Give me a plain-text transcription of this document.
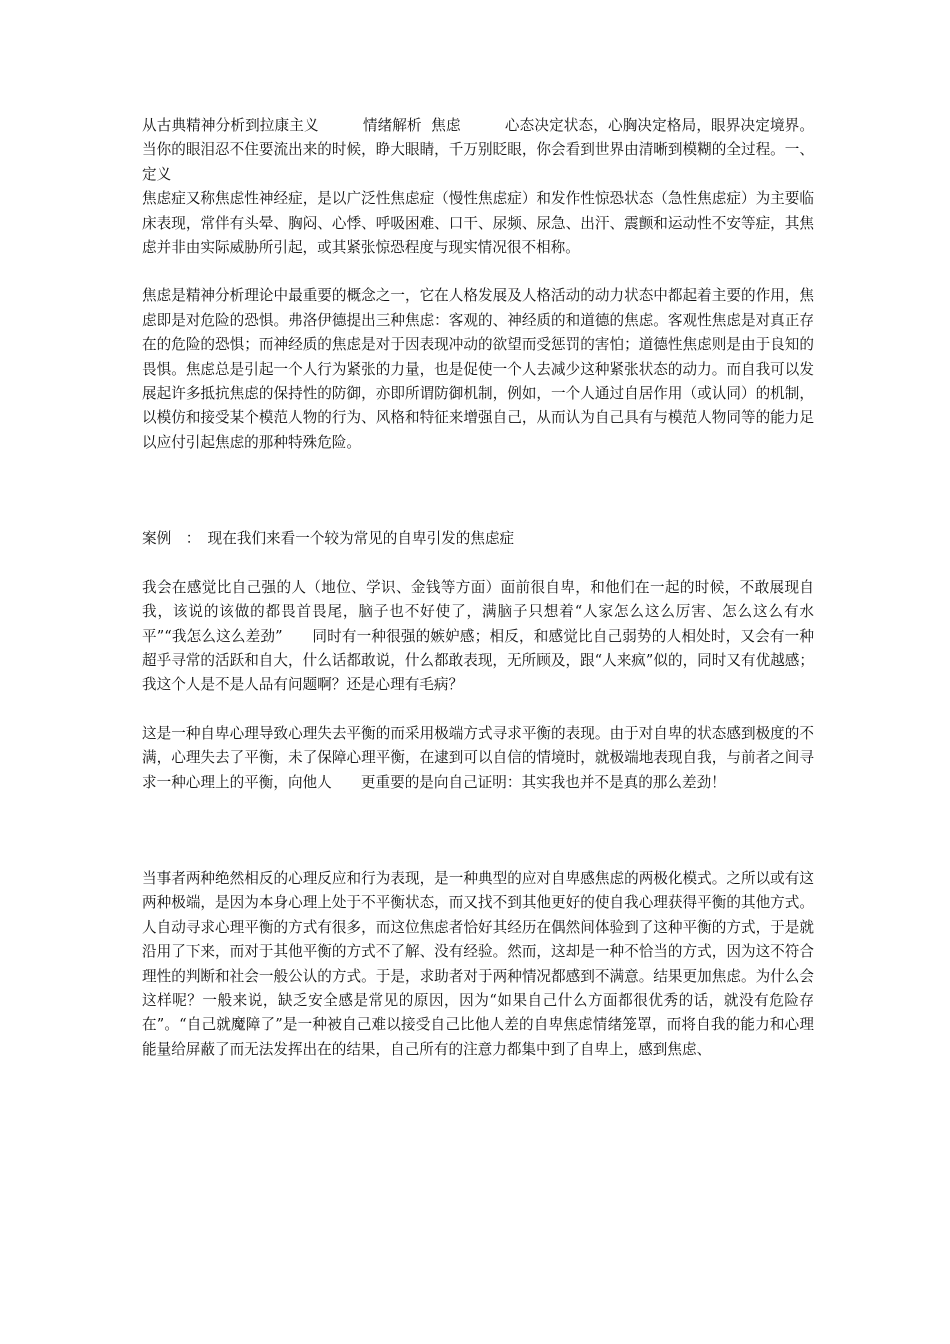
从古典精神分析到拉康主义　　　情绪解析  焦虑　　　心态决定状态，心胸决定格局，眼界决定境界。当你的眼泪忍不住要流出来的时候，睁大眼睛，千万别眨眼，你会看到世界由清晰到模糊的全过程。一、定义

焦虑症又称焦虑性神经症，是以广泛性焦虑症（慢性焦虑症）和发作性惊恐状态（急性焦虑症）为主要临床表现，常伴有头晕、胸闷、心悸、呼吸困难、口干、尿频、尿急、出汗、震颤和运动性不安等症，其焦虑并非由实际威胁所引起，或其紧张惊恐程度与现实情况很不相称。

焦虑是精神分析理论中最重要的概念之一，它在人格发展及人格活动的动力状态中都起着主要的作用，焦虑即是对危险的恐惧。弗洛伊德提出三种焦虑：客观的、神经质的和道德的焦虑。客观性焦虑是对真正存在的危险的恐惧；而神经质的焦虑是对于因表现冲动的欲望而受惩罚的害怕；道德性焦虑则是由于良知的畏惧。焦虑总是引起一个人行为紧张的力量，也是促使一个人去减少这种紧张状态的动力。而自我可以发展起许多抵抗焦虑的保持性的防御，亦即所谓防御机制，例如，一个人通过自居作用（或认同）的机制，以模仿和接受某个模范人物的行为、风格和特征来增强自己，从而认为自己具有与模范人物同等的能力足以应付引起焦虑的那种特殊危险。

案例　：　现在我们来看一个较为常见的自卑引发的焦虑症

我会在感觉比自己强的人（地位、学识、金钱等方面）面前很自卑，和他们在一起的时候，不敢展现自我，该说的该做的都畏首畏尾，脑子也不好使了，满脑子只想着“人家怎么这么厉害、怎么这么有水平”“我怎么这么差劲”　　同时有一种很强的嫉妒感；相反，和感觉比自己弱势的人相处时，又会有一种超乎寻常的活跃和自大，什么话都敢说，什么都敢表现，无所顾及，跟“人来疯”似的，同时又有优越感；我这个人是不是人品有问题啊？还是心理有毛病？

这是一种自卑心理导致心理失去平衡的而采用极端方式寻求平衡的表现。由于对自卑的状态感到极度的不满，心理失去了平衡，未了保障心理平衡，在逮到可以自信的情境时，就极端地表现自我，与前者之间寻求一种心理上的平衡，向他人　　更重要的是向自己证明：其实我也并不是真的那么差劲！

当事者两种绝然相反的心理反应和行为表现，是一种典型的应对自卑感焦虑的两极化模式。之所以或有这两种极端，是因为本身心理上处于不平衡状态，而又找不到其他更好的使自我心理获得平衡的其他方式。人自动寻求心理平衡的方式有很多，而这位焦虑者恰好其经历在偶然间体验到了这种平衡的方式，于是就沿用了下来，而对于其他平衡的方式不了解、没有经验。然而，这却是一种不恰当的方式，因为这不符合理性的判断和社会一般公认的方式。于是，求助者对于两种情况都感到不满意。结果更加焦虑。为什么会这样呢？一般来说，缺乏安全感是常见的原因，因为“如果自己什么方面都很优秀的话，就没有危险存在”。“自己就魔障了”是一种被自己难以接受自己比他人差的自卑焦虑情绪笼罩，而将自我的能力和心理能量给屏蔽了而无法发挥出在的结果，自己所有的注意力都集中到了自卑上，感到焦虑、
